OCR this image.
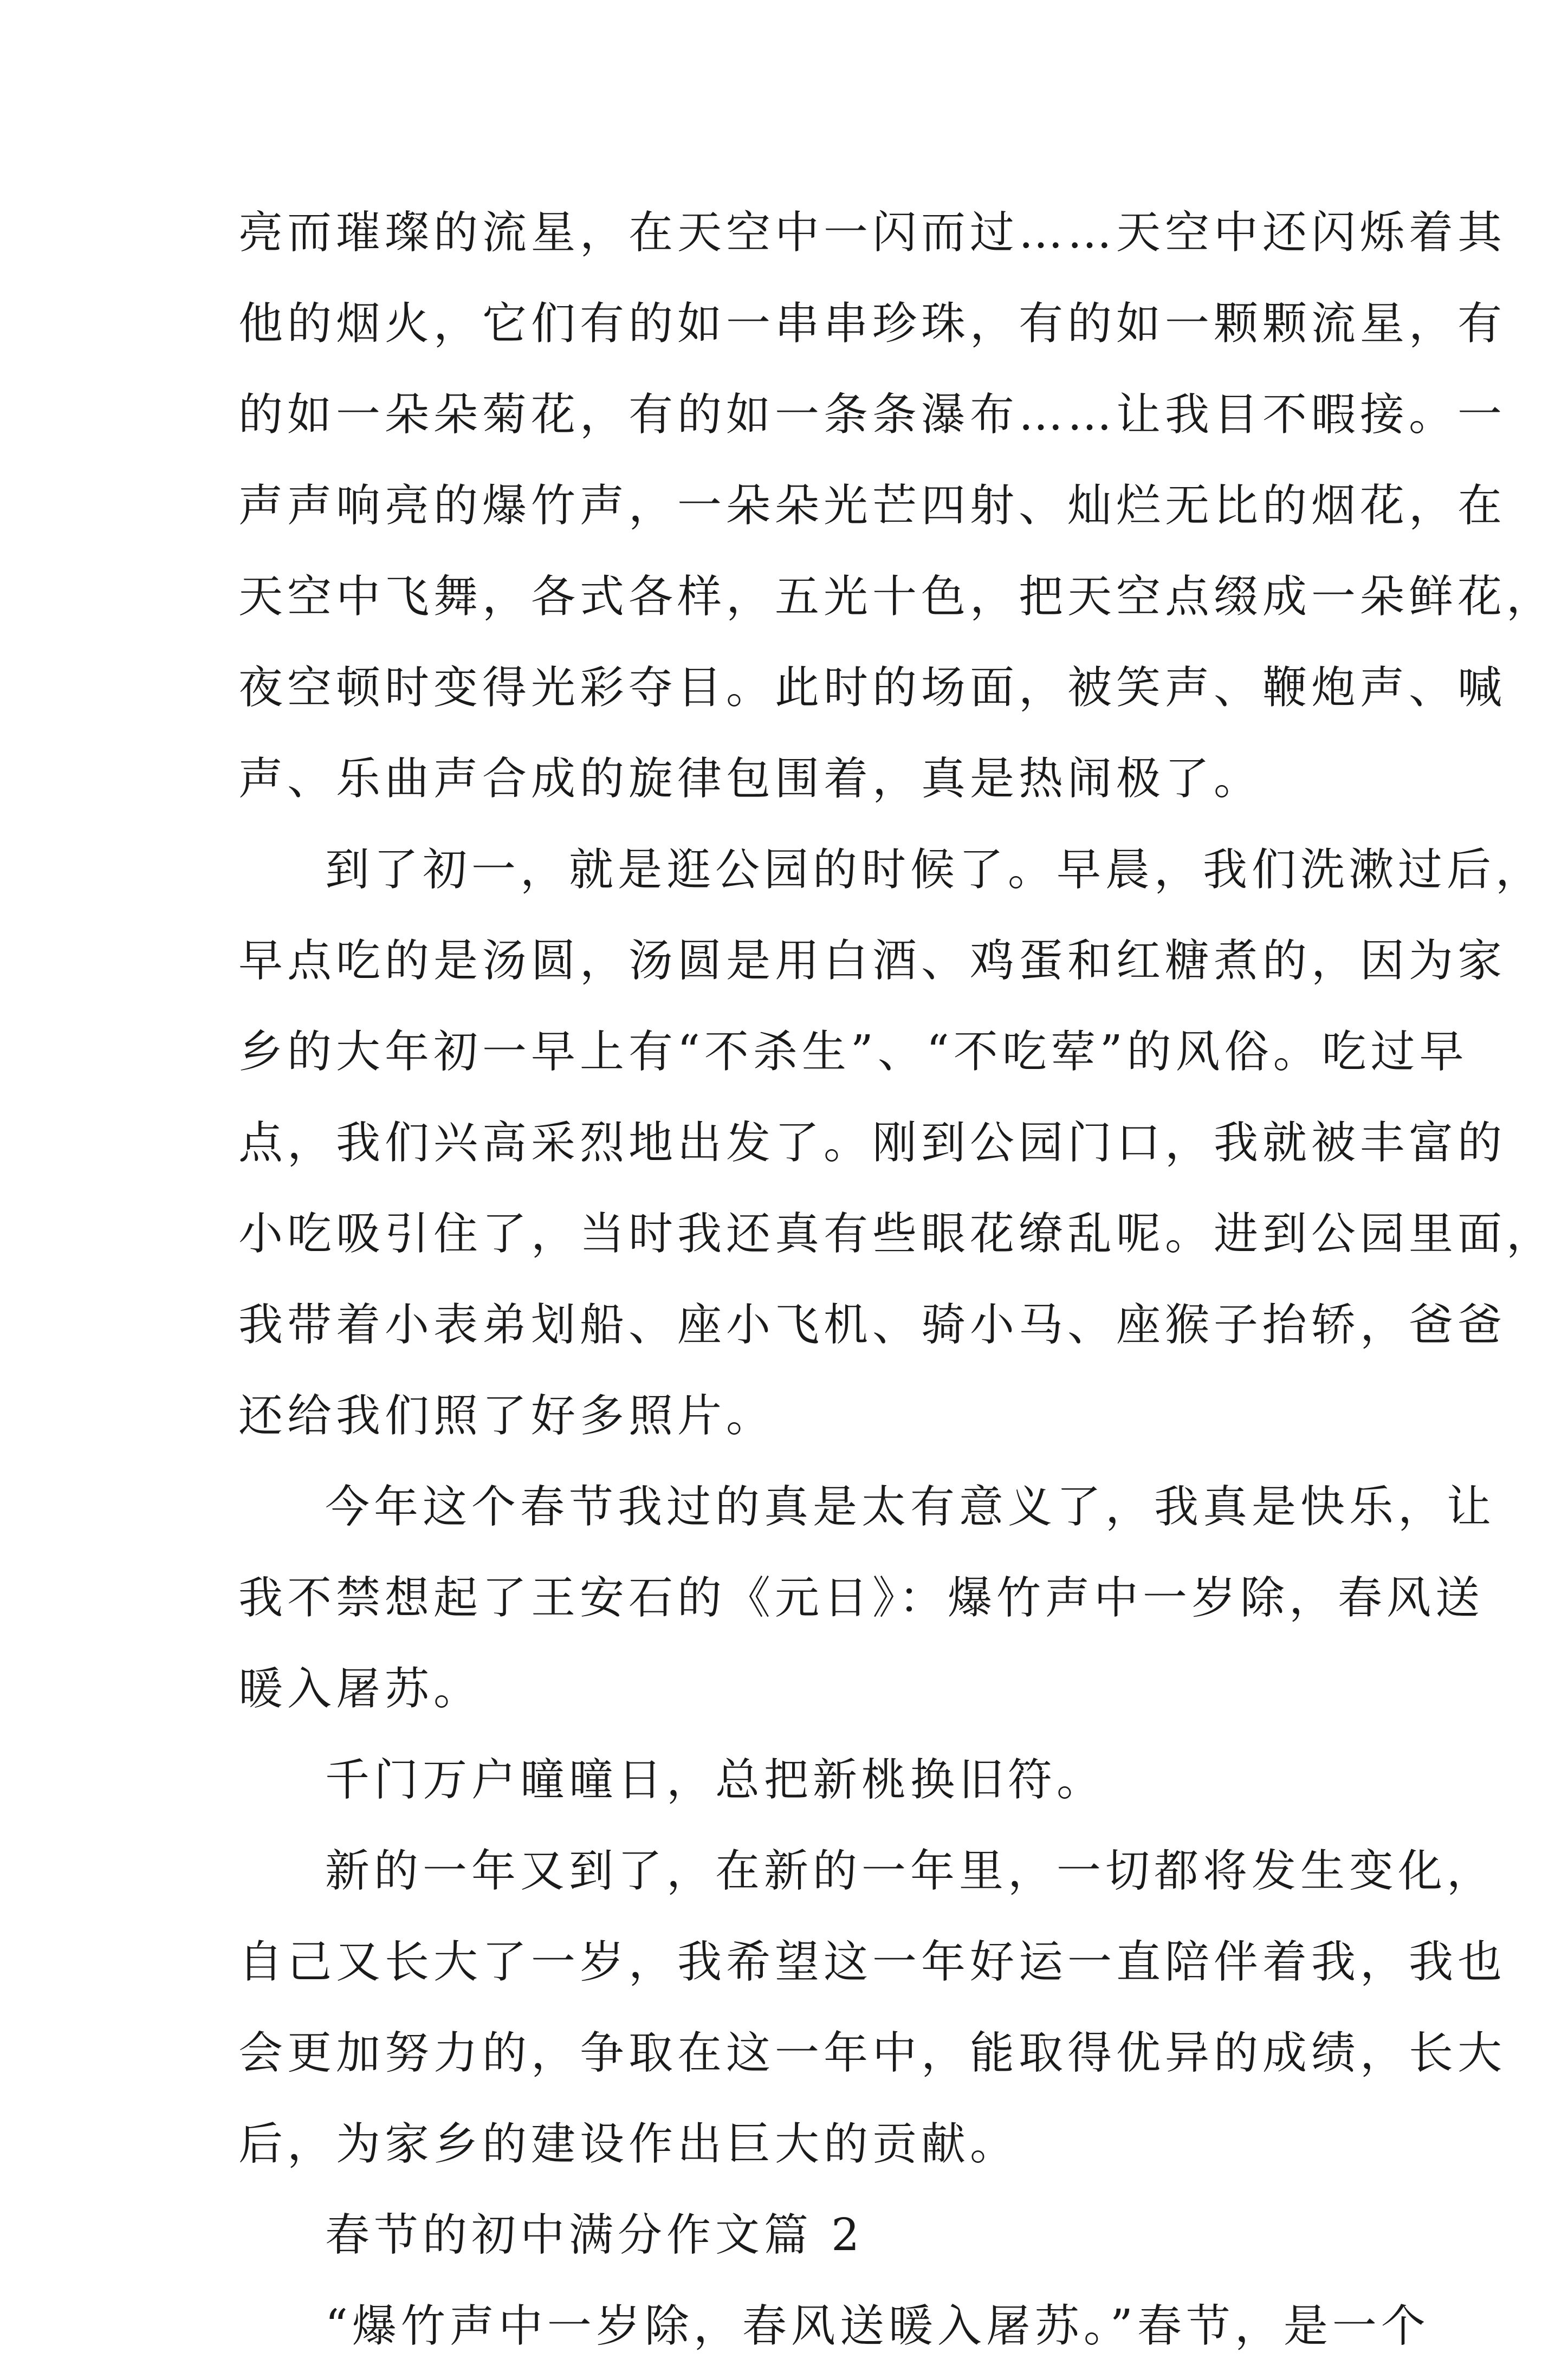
亮而璀璨的流星，在天空中一闪而过……天空中还闪烁着其
他的烟火，它们有的如一串串珍珠，有的如一颗颗流星，有
的如一朵朵菊花，有的如一条条瀑布……让我目不暇接。一
声声响亮的爆竹声，一朵朵光芒四射、灿烂无比的烟花，在
天空中飞舞，各式各样，五光十色，把天空点缀成一朵鲜花，
夜空顿时变得光彩夺目。此时的场面，被笑声、鞭炮声、喊
声、乐曲声合成的旋律包围着，真是热闹极了。
到了初一，就是逛公园的时候了。早晨，我们洗漱过后，
早点吃的是汤圆，汤圆是用白酒、鸡蛋和红糖煮的，因为家
乡的大年初一早上有“不杀生”、“不吃荤”的风俗。吃过早
点，我们兴高采烈地出发了。刚到公园门口，我就被丰富的
小吃吸引住了，当时我还真有些眼花缭乱呢。进到公园里面，
我带着小表弟划船、座小飞机、骑小马、座猴子抬轿，爸爸
还给我们照了好多照片。
今年这个春节我过的真是太有意义了，我真是快乐，让
我不禁想起了王安石的《元日》：爆竹声中一岁除，春风送
暖入屠苏。
千门万户曈曈日，总把新桃换旧符。
新的一年又到了，在新的一年里，一切都将发生变化，
自己又长大了一岁，我希望这一年好运一直陪伴着我，我也
会更加努力的，争取在这一年中，能取得优异的成绩，长大
后，为家乡的建设作出巨大的贡献。
春节的初中满分作文篇 2
“爆竹声中一岁除，春风送暖入屠苏。”春节，是一个
